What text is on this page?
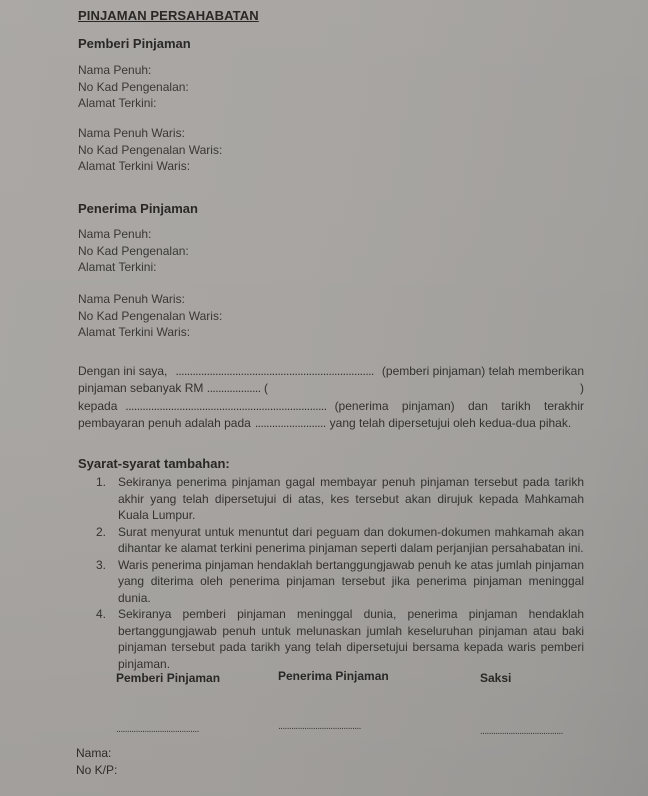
PINJAMAN PERSAHABATAN
Pemberi Pinjaman
Nama Penuh:
No Kad Pengenalan:
Alamat Terkini:
Nama Penuh Waris:
No Kad Pengenalan Waris:
Alamat Terkini Waris:
Penerima Pinjaman
Nama Penuh:
No Kad Pengenalan:
Alamat Terkini:
Nama Penuh Waris:
No Kad Pengenalan Waris:
Alamat Terkini Waris:
Dengan ini saya, ...................................................................... (pemberi pinjaman) telah memberikan
pinjaman sebanyak RM ................... (	)
kepada ....................................................................... (penerima pinjaman) dan tarikh terakhir
pembayaran penuh adalah pada ......................... yang telah dipersetujui oleh kedua-dua pihak.
Syarat-syarat tambahan:
1. Sekiranya penerima pinjaman gagal membayar penuh pinjaman tersebut pada tarikh akhir yang telah dipersetujui di atas, kes tersebut akan dirujuk kepada Mahkamah Kuala Lumpur.
2. Surat menyurat untuk menuntut dari peguam dan dokumen-dokumen mahkamah akan dihantar ke alamat terkini penerima pinjaman seperti dalam perjanjian persahabatan ini.
3. Waris penerima pinjaman hendaklah bertanggungjawab penuh ke atas jumlah pinjaman yang diterima oleh penerima pinjaman tersebut jika penerima pinjaman meninggal dunia.
4. Sekiranya pemberi pinjaman meninggal dunia, penerima pinjaman hendaklah bertanggungjawab penuh untuk melunaskan jumlah keseluruhan pinjaman atau baki pinjaman tersebut pada tarikh yang telah dipersetujui bersama kepada waris pemberi pinjaman.
Pemberi Pinjaman	Penerima Pinjaman	Saksi
......................................	......................................	......................................
Nama:
No K/P:
